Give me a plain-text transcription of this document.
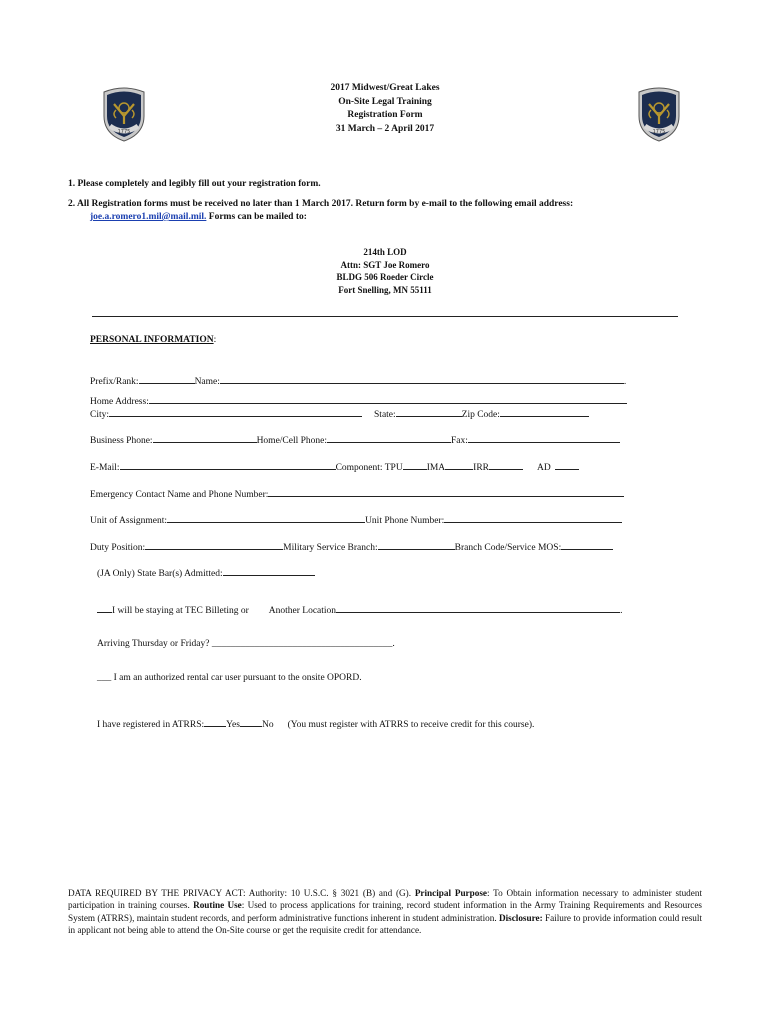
1775	1775
2017 Midwest/Great Lakes
On-Site Legal Training
Registration Form
31 March – 2 April 2017
1. Please completely and legibly fill out your registration form.
2. All Registration forms must be received no later than 1 March 2017. Return form by e-mail to the following email address:
joe.a.romero1.mil@mail.mil. Forms can be mailed to:
214th LOD
Attn: SGT Joe Romero
BLDG 506 Roeder Circle
Fort Snelling, MN 55111
PERSONAL INFORMATION:
Prefix/Rank:	Name:	.
Home Address:
City:	State:	Zip Code:
Business Phone:	Home/Cell Phone:	Fax:
E-Mail:	Component: TPU	IMA	IRR	AD
Emergency Contact Name and Phone Number:
Unit of Assignment:	Unit Phone Number:
Duty Position:	Military Service Branch:	Branch Code/Service MOS:
(JA Only) State Bar(s) Admitted:
I will be staying at TEC Billeting or Another Location	.
Arriving Thursday or Friday? ______________________________________.
___ I am an authorized rental car user pursuant to the onsite OPORD.
I have registered in ATRRS: Yes No (You must register with ATRRS to receive credit for this course).
DATA REQUIRED BY THE PRIVACY ACT: Authority: 10 U.S.C. § 3021 (B) and (G). Principal Purpose: To Obtain information necessary to administer student participation in training courses. Routine Use: Used to process applications for training, record student information in the Army Training Requirements and Resources System (ATRRS), maintain student records, and perform administrative functions inherent in student administration. Disclosure: Failure to provide information could result in applicant not being able to attend the On-Site course or get the requisite credit for attendance.
